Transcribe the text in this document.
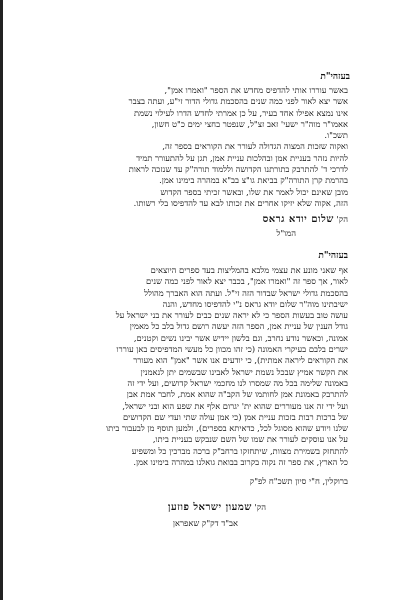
בעזהי"ת

באשר עוררו אותי להדפיס מחדש את הספר "ואמרו אמן",

אשר יצא לאור לפני כמה שנים בהסכמת גדולי הדור זי"ע, ועתה בצבר

אינו נמצא אפילו אחד בעיר, על כן אמרתי לחדש הדרו לעילוי נשמת

אאמו"ר מוה"ר ישעי' זאב זצ"ל, שנפטר בחצי ימים כ"ט חשון,

תשכ"ו.

ואקוה שזכות המצוה הגדולה לעורר את הקוראים בספר זה,

להיות נזהר בעניית אמן ובהלכות עניית אמן, תגן על להתעורר תמיד

לדרכי ד' להתרבק בתורתנו הקדושה וללמוד תורה"ק עד שנזכה לראות

בהרמת קרן התורה"ק בביאת גו"צ בב"א במהרה בימינו אמן.

מובן שאינם יכול לאמר את שלו, ובאשר זכיתי בספר הקדוש

הזה, אקוה שלא יזיקו אחרים את זכותו לבא עד להדפיסו בלי רשותו.

הק' שלום יודא גראס
המו"ל
בעזהי"ת

אף שאני מונע את עצמי מלבא בהמליצות בעד ספרים היוצאים

לאור, אך ספר זה "ואמרו אמן", בכבר יצא לאור לפני כמה שנים

בהסכמת גדולי ישראל שבדור הזה זי"ל. ועתה הוא האברך מהולל

ישיבתינו מוה"ר שלום יודא גראס נ"י להדפיסו מחדש, והנה

עושה טוב בעשות הספר כי לא יראה שנים כבים לעורר את בני ישראל על

גודל הענין של עניית אמן, הספר הזה יעשה רושם גדול בלב כל מאמין

אמונה, וכאשר נודע נחרב, וגם בלשון יידיש אשר יבינו נשים וקטנים,

ישרים בלבם בעיקרי האמונה (כי זהו מכוון כל מעשי המדפיסים באן עוררו

את הקוראים ליראה אמתית), כי יודעים אנו אשר "אמן" הוא מעורר

את הקשר אמיץ שבכל נשמת ישראל לאבינו שבשמים יתן לנאמנין

באמונה שלימה בכל מה שמסרו לנו מחכמי ישראל קדושים, ועל ידי זה

להתרבק באמונת אמן לחותמו של הקב"ה שהוא אמת, לחבר אמת אבן

ועל ידי זה אנו מעוררים שהוא ית' יגרום אלף את שפע הוא ובני ישראל,

של ברכות רבות בזכות עניית אמן (כי אמן עולה שתי ועדי שם הקדושים

שלנו ויודע שהוא מסוגל לכל, כדאיתא בספרים), ולמען תוסף מן לבעבור ביתו

על אנו עוסקים לעורר את שמו של השם שנבקש בעניית ביתו,

להתחזק בשמירת מצוות, שיתחזקו ברחב"ק ברכה מברכין כל ומשפיע

כל הארץ, את ספר זה נקוה בקרוב בבואת גואלנו במהרה בימינו אמן.

ברוקלין, ח"י סיון תשכ"ח לפ"ק
הק' שמעון ישראל פוזען
אב"ד דק"ק שאפראן
